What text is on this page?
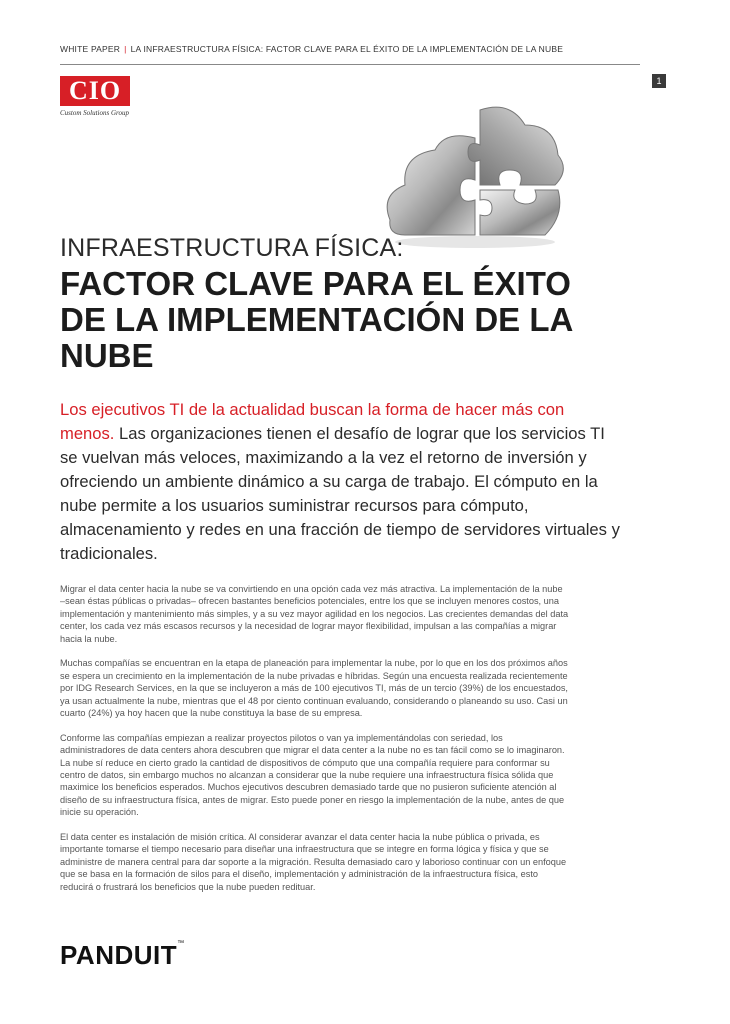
WHITE PAPER | LA INFRAESTRUCTURA FÍSICA: FACTOR CLAVE PARA EL ÉXITO DE LA IMPLEMENTACIÓN DE LA NUBE
1
CIO
Custom Solutions Group
INFRAESTRUCTURA FÍSICA:
FACTOR CLAVE PARA EL ÉXITO DE LA IMPLEMENTACIÓN DE LA NUBE
Los ejecutivos TI de la actualidad buscan la forma de hacer más con menos. Las organizaciones tienen el desafío de lograr que los servicios TI se vuelvan más veloces, maximizando a la vez el retorno de inversión y ofreciendo un ambiente dinámico a su carga de trabajo. El cómputo en la nube permite a los usuarios suministrar recursos para cómputo, almacenamiento y redes en una fracción de tiempo de servidores virtuales y tradicionales.

Migrar el data center hacia la nube se va convirtiendo en una opción cada vez más atractiva. La implementación de la nube –sean éstas públicas o privadas– ofrecen bastantes beneficios potenciales, entre los que se incluyen menores costos, una implementación y mantenimiento más simples, y a su vez mayor agilidad en los negocios. Las crecientes demandas del data center, los cada vez más escasos recursos y la necesidad de lograr mayor flexibilidad, impulsan a las compañías a migrar hacia la nube.

Muchas compañías se encuentran en la etapa de planeación para implementar la nube, por lo que en los dos próximos años se espera un crecimiento en la implementación de la nube privadas e híbridas. Según una encuesta realizada recientemente por IDG Research Services, en la que se incluyeron a más de 100 ejecutivos TI, más de un tercio (39%) de los encuestados, ya usan actualmente la nube, mientras que el 48 por ciento continuan evaluando, considerando o planeando su uso. Casi un cuarto (24%) ya hoy hacen que la nube constituya la base de su empresa.

Conforme las compañías empiezan a realizar proyectos pilotos o van ya implementándolas con seriedad, los administradores de data centers ahora descubren que migrar el data center a la nube no es tan fácil como se lo imaginaron. La nube sí reduce en cierto grado la cantidad de dispositivos de cómputo que una compañía requiere para conformar su centro de datos, sin embargo muchos no alcanzan a considerar que la nube requiere una infraestructura física sólida que maximice los beneficios esperados. Muchos ejecutivos descubren demasiado tarde que no pusieron suficiente atención al diseño de su infraestructura física, antes de migrar. Esto puede poner en riesgo la implementación de la nube, antes de que inicie su operación.

El data center es instalación de misión crítica. Al considerar avanzar el data center hacia la nube pública o privada, es importante tomarse el tiempo necesario para diseñar una infraestructura que se integre en forma lógica y física y que se administre de manera central para dar soporte a la migración. Resulta demasiado caro y laborioso continuar con un enfoque que se basa en la formación de silos para el diseño, implementación y administración de la infraestructura física, esto reducirá o frustrará los beneficios que la nube pueden redituar.

PANDUIT™
